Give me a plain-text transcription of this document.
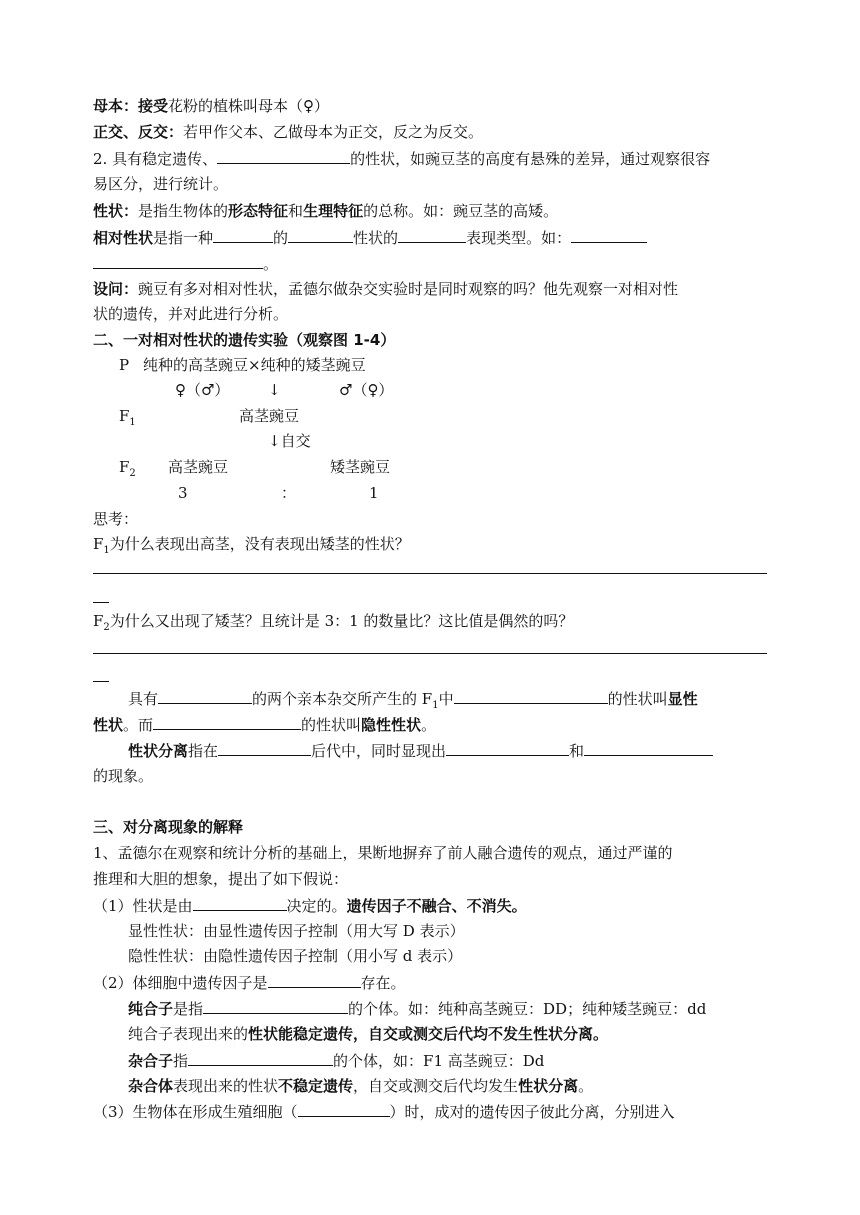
母本：接受花粉的植株叫母本（♀）
正交、反交：若甲作父本、乙做母本为正交，反之为反交。
2. 具有稳定遗传、	的性状，如豌豆茎的高度有悬殊的差异，通过观察很容
易区分，进行统计。
性状：是指生物体的形态特征和生理特征的总称。如：豌豆茎的高矮。
相对性状是指一种	的	性状的	表现类型。如：
。
设问：豌豆有多对相对性状，孟德尔做杂交实验时是同时观察的吗？他先观察一对相对性
状的遗传，并对此进行分析。
二、一对相对性状的遗传实验（观察图 1-4）
P 纯种的高茎豌豆×纯种的矮茎豌豆
♀（♂）	↓	♂（♀）
$F_1$	高茎豌豆
↓自交
$F_2$ 高茎豌豆	矮茎豌豆
3	：	1
思考：
$F_1$为什么表现出高茎，没有表现出矮茎的性状？
$F_2$为什么又出现了矮茎？且统计是 3：1 的数量比？这比值是偶然的吗？
具有	的两个亲本杂交所产生的 $F_1$中	的性状叫显性
性状。而	的性状叫隐性性状。
性状分离指在	后代中，同时显现出	和
的现象。
三、对分离现象的解释
1、孟德尔在观察和统计分析的基础上，果断地摒弃了前人融合遗传的观点，通过严谨的
推理和大胆的想象，提出了如下假说：
（1）性状是由	决定的。遗传因子不融合、不消失。
显性性状：由显性遗传因子控制（用大写 D 表示）
隐性性状：由隐性遗传因子控制（用小写 d 表示）
（2）体细胞中遗传因子是	存在。
纯合子是指	的个体。如：纯种高茎豌豆：DD；纯种矮茎豌豆：dd
纯合子表现出来的性状能稳定遗传，自交或测交后代均不发生性状分离。
杂合子指	的个体，如：F1 高茎豌豆：Dd
杂合体表现出来的性状不稳定遗传，自交或测交后代均发生性状分离。
（3）生物体在形成生殖细胞（	）时，成对的遗传因子彼此分离，分别进入
